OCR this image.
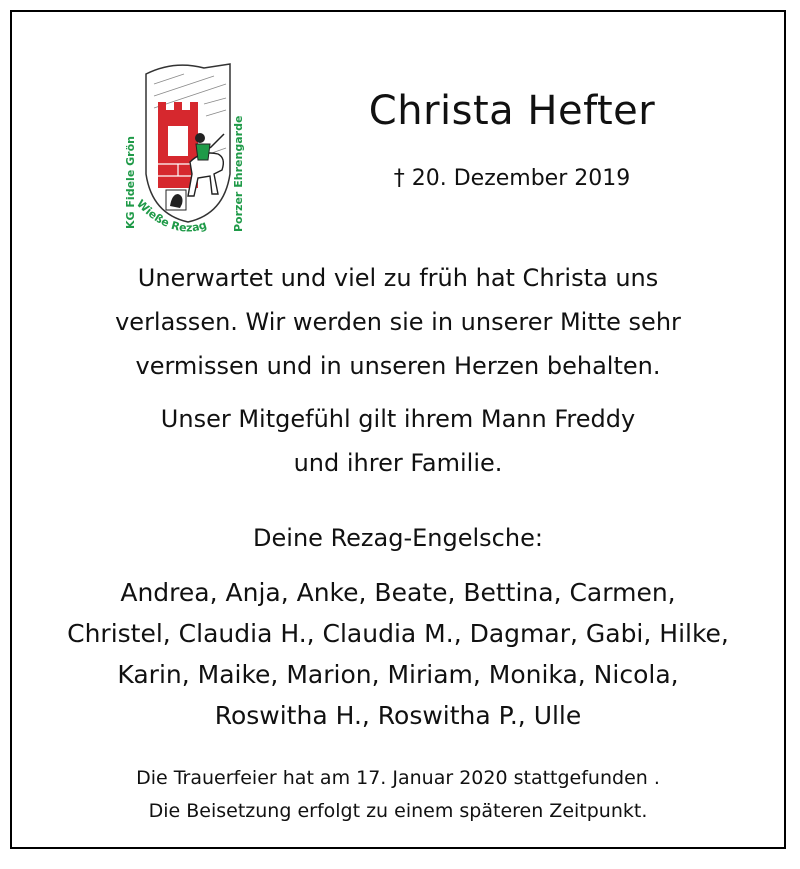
KG Fidele Grön
Wieße Rezag Porzer Ehrengarde	Christa Hefter
† 20. Dezember 2019
Unerwartet und viel zu früh hat Christa uns
verlassen. Wir werden sie in unserer Mitte sehr
vermissen und in unseren Herzen behalten.
Unser Mitgefühl gilt ihrem Mann Freddy
und ihrer Familie.
Deine Rezag-Engelsche:
Andrea, Anja, Anke, Beate, Bettina, Carmen,
Christel, Claudia H., Claudia M., Dagmar, Gabi, Hilke,
Karin, Maike, Marion, Miriam, Monika, Nicola,
Roswitha H., Roswitha P., Ulle
Die Trauerfeier hat am 17. Januar 2020 stattgefunden .
Die Beisetzung erfolgt zu einem späteren Zeitpunkt.
